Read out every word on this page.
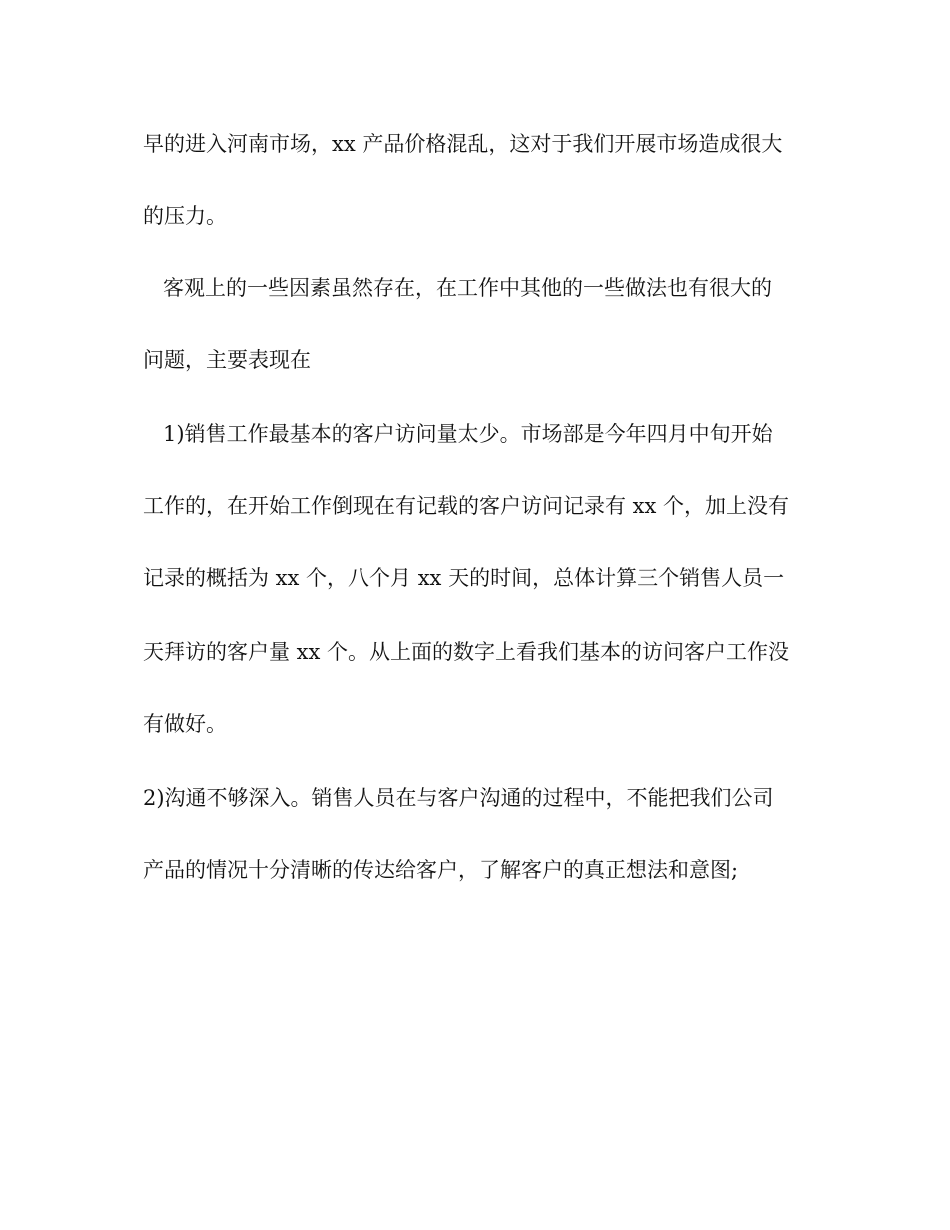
早的进入河南市场，xx 产品价格混乱，这对于我们开展市场造成很大
的压力。
客观上的一些因素虽然存在，在工作中其他的一些做法也有很大的
问题，主要表现在
1)销售工作最基本的客户访问量太少。市场部是今年四月中旬开始
工作的，在开始工作倒现在有记载的客户访问记录有 xx 个，加上没有
记录的概括为 xx 个，八个月 xx 天的时间，总体计算三个销售人员一
天拜访的客户量 xx 个。从上面的数字上看我们基本的访问客户工作没
有做好。
2)沟通不够深入。销售人员在与客户沟通的过程中，不能把我们公司
产品的情况十分清晰的传达给客户，了解客户的真正想法和意图;
